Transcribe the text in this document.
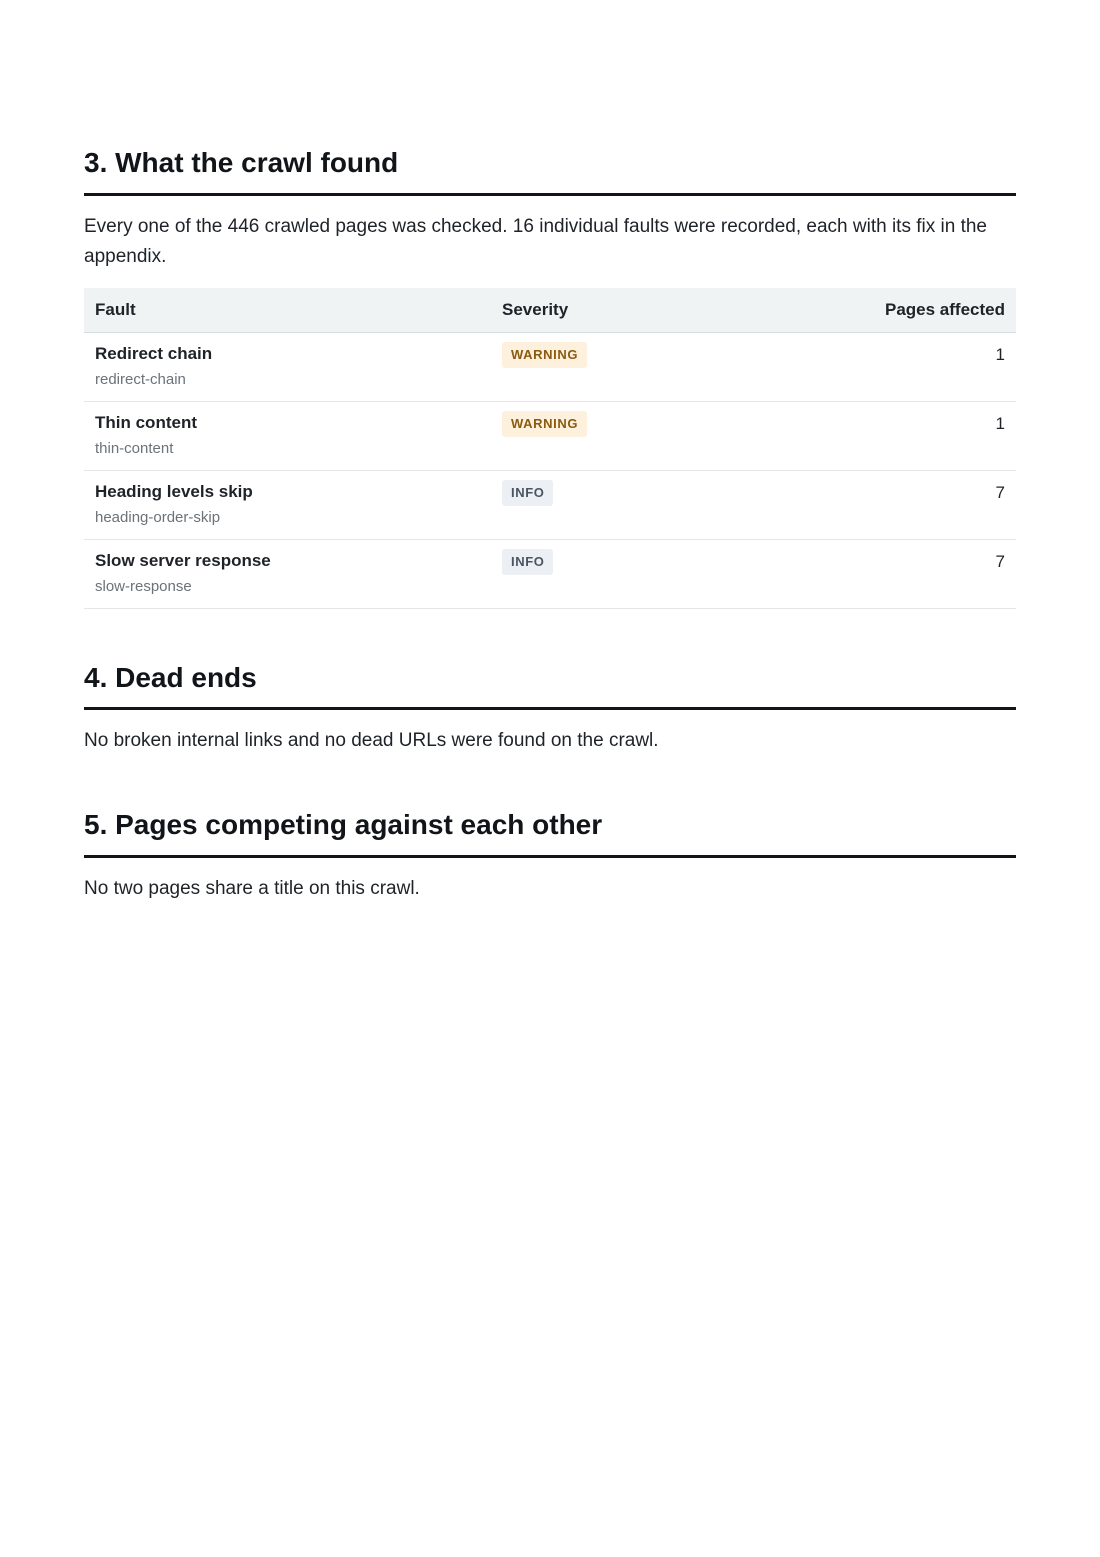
3. What the crawl found

Every one of the 446 crawled pages was checked. 16 individual faults were recorded, each with its fix in the appendix.

Fault	Severity	Pages affected

Redirect chain
redirect-chain	WARNING	1

Thin content
thin-content	WARNING	1

Heading levels skip
heading-order-skip	INFO	7

Slow server response
slow-response	INFO	7
4. Dead ends

No broken internal links and no dead URLs were found on the crawl.

5. Pages competing against each other

No two pages share a title on this crawl.
